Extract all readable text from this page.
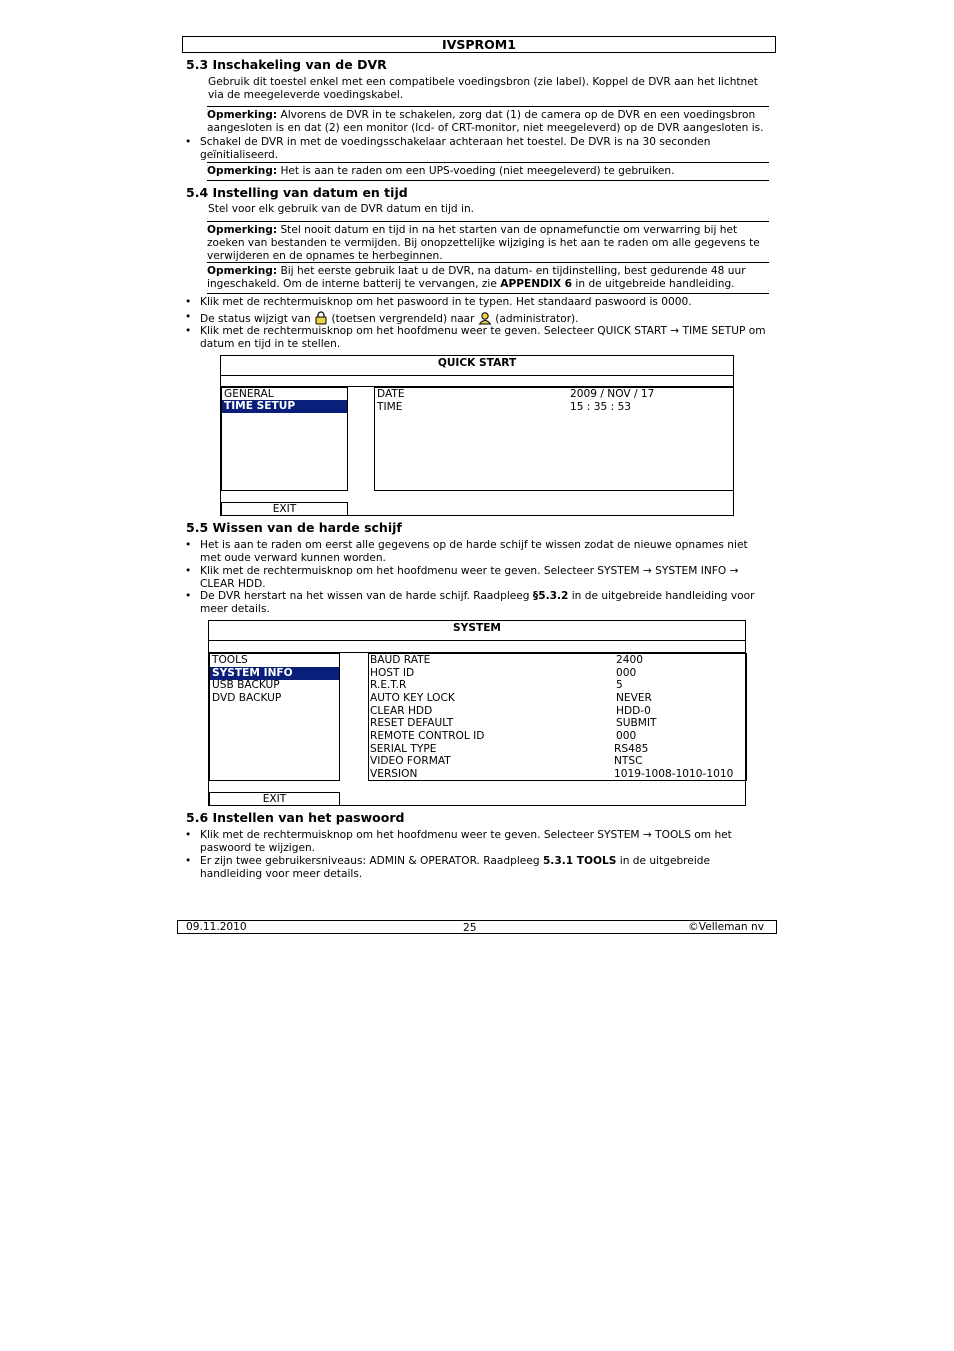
IVSPROM1
5.3 Inschakeling van de DVR
Gebruik dit toestel enkel met een compatibele voedingsbron (zie label). Koppel de DVR aan het lichtnet via de meegeleverde voedingskabel.
Opmerking: Alvorens de DVR in te schakelen, zorg dat (1) de camera op de DVR en een voedingsbron aangesloten is en dat (2) een monitor (lcd- of CRT-monitor, niet meegeleverd) op de DVR aangesloten is.
• Schakel de DVR in met de voedingsschakelaar achteraan het toestel. De DVR is na 30 seconden geïnitialiseerd.
Opmerking: Het is aan te raden om een UPS-voeding (niet meegeleverd) te gebruiken.
5.4 Instelling van datum en tijd
Stel voor elk gebruik van de DVR datum en tijd in.
Opmerking: Stel nooit datum en tijd in na het starten van de opnamefunctie om verwarring bij het zoeken van bestanden te vermijden. Bij onopzettelijke wijziging is het aan te raden om alle gegevens te verwijderen en de opnames te herbeginnen.
Opmerking: Bij het eerste gebruik laat u de DVR, na datum- en tijdinstelling, best gedurende 48 uur ingeschakeld. Om de interne batterij te vervangen, zie APPENDIX 6 in de uitgebreide handleiding.
• Klik met de rechtermuisknop om het paswoord in te typen. Het standaard paswoord is 0000.
• De status wijzigt van  (toetsen vergrendeld) naar  (administrator).
• Klik met de rechtermuisknop om het hoofdmenu weer te geven. Selecteer QUICK START → TIME SETUP om datum en tijd in te stellen.
QUICK START
GENERAL
TIME SETUP
DATE	2009 / NOV / 17
TIME	15 : 35 : 53
EXIT
5.5 Wissen van de harde schijf
• Het is aan te raden om eerst alle gegevens op de harde schijf te wissen zodat de nieuwe opnames niet met oude verward kunnen worden.
• Klik met de rechtermuisknop om het hoofdmenu weer te geven. Selecteer SYSTEM → SYSTEM INFO → CLEAR HDD.
• De DVR herstart na het wissen van de harde schijf. Raadpleeg §5.3.2 in de uitgebreide handleiding voor meer details.
SYSTEM
TOOLS
SYSTEM INFO
USB BACKUP
DVD BACKUP
BAUD RATE	2400
HOST ID	000
R.E.T.R	5
AUTO KEY LOCK	NEVER
CLEAR HDD	HDD-0
RESET DEFAULT	SUBMIT
REMOTE CONTROL ID	000
SERIAL TYPE	RS485
VIDEO FORMAT	NTSC
VERSION	1019-1008-1010-1010
EXIT
5.6 Instellen van het paswoord
• Klik met de rechtermuisknop om het hoofdmenu weer te geven. Selecteer SYSTEM → TOOLS om het paswoord te wijzigen.
• Er zijn twee gebruikersniveaus: ADMIN & OPERATOR. Raadpleeg 5.3.1 TOOLS in de uitgebreide handleiding voor meer details.
09.11.2010	25	©Velleman nv
